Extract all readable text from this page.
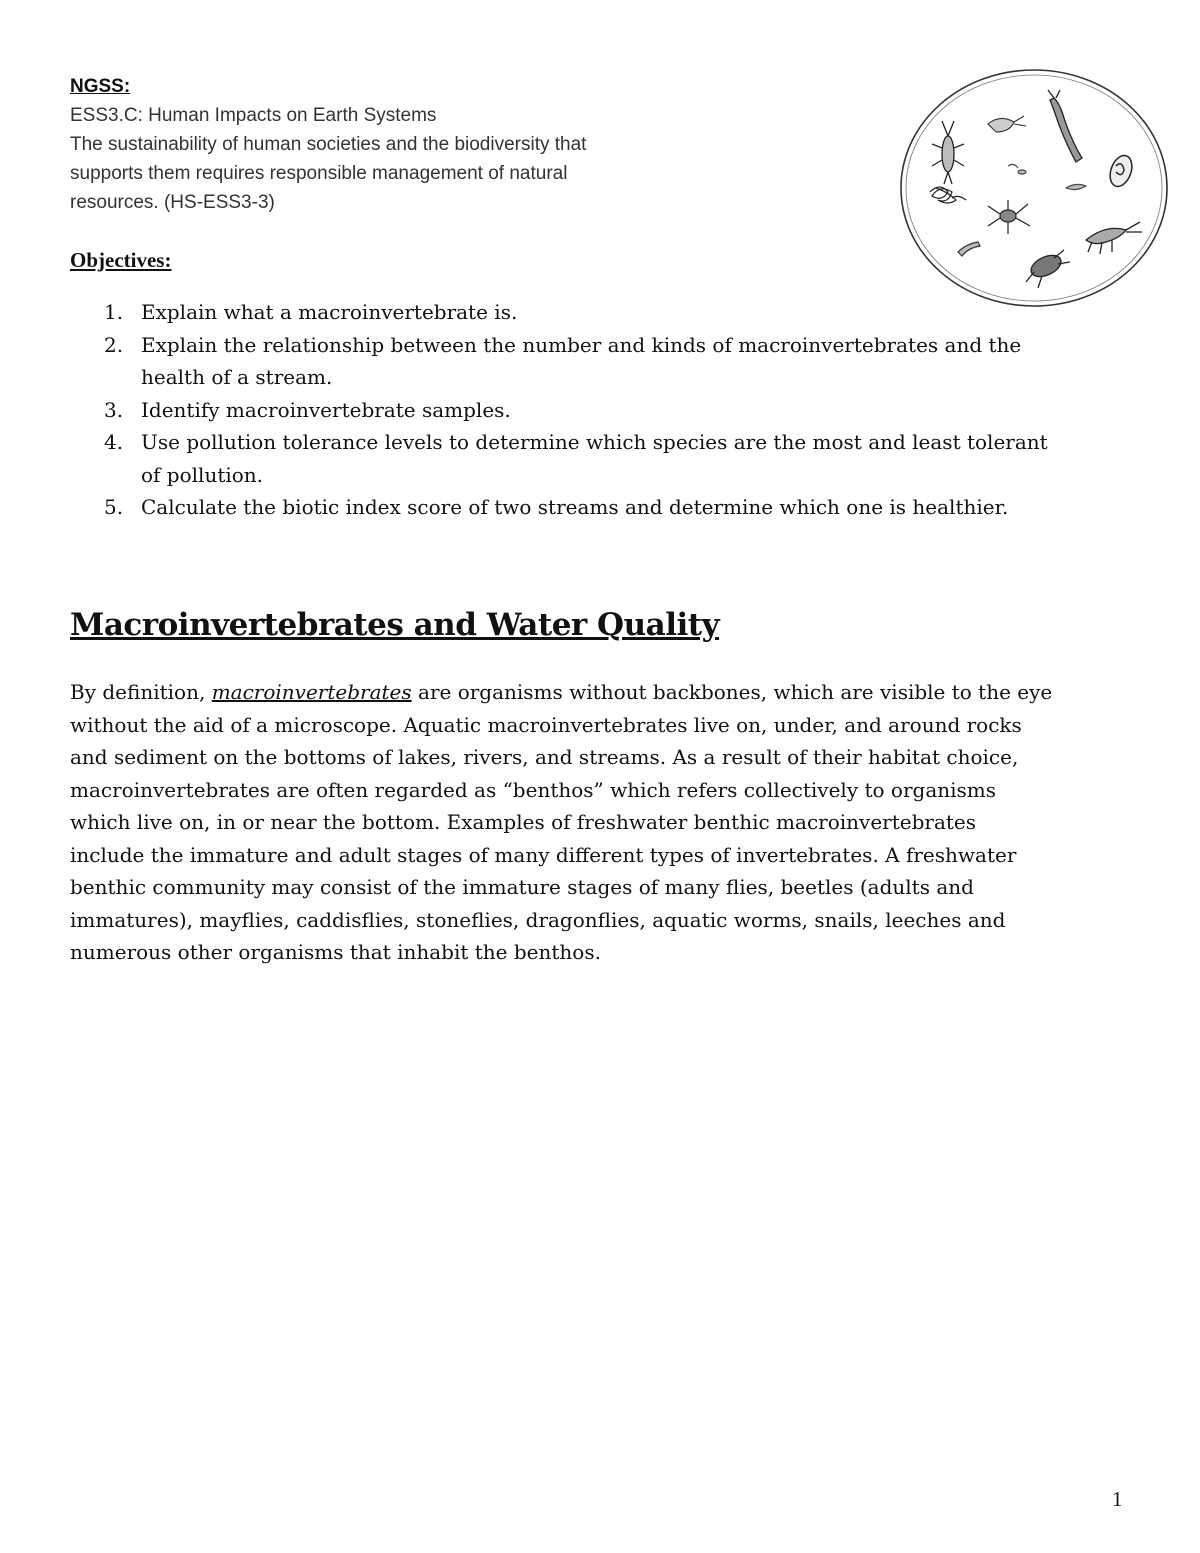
NGSS:
ESS3.C: Human Impacts on Earth Systems
The sustainability of human societies and the biodiversity that
supports them requires responsible management of natural
resources. (HS-ESS3-3)
Objectives:
1. Explain what a macroinvertebrate is.
2. Explain the relationship between the number and kinds of macroinvertebrates and the
health of a stream.
3. Identify macroinvertebrate samples.
4. Use pollution tolerance levels to determine which species are the most and least tolerant
of pollution.
5. Calculate the biotic index score of two streams and determine which one is healthier.
Macroinvertebrates and Water Quality
By definition, macroinvertebrates are organisms without backbones, which are visible to the eye
without the aid of a microscope. Aquatic macroinvertebrates live on, under, and around rocks
and sediment on the bottoms of lakes, rivers, and streams. As a result of their habitat choice,
macroinvertebrates are often regarded as “benthos” which refers collectively to organisms
which live on, in or near the bottom. Examples of freshwater benthic macroinvertebrates
include the immature and adult stages of many different types of invertebrates. A freshwater
benthic community may consist of the immature stages of many flies, beetles (adults and
immatures), mayflies, caddisflies, stoneflies, dragonflies, aquatic worms, snails, leeches and
numerous other organisms that inhabit the benthos.
1
